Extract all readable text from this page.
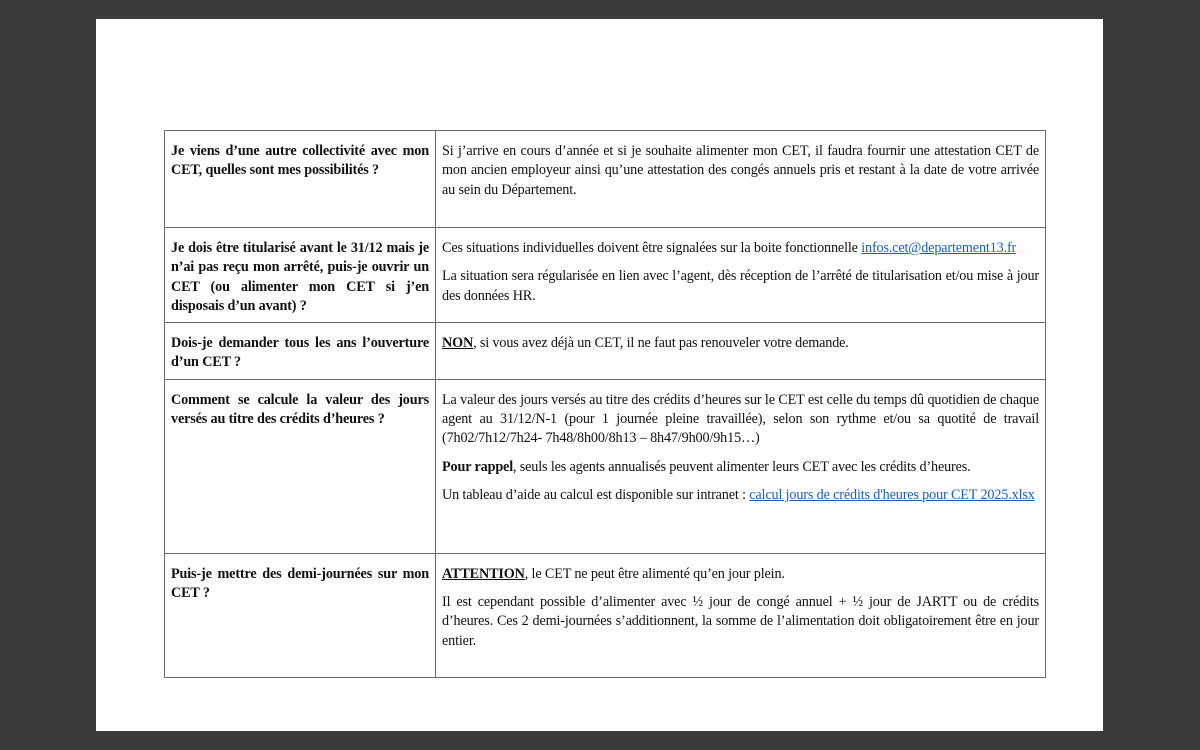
Je viens d’une autre collectivité avec mon CET, quelles sont mes possibilités ?	Si j’arrive en cours d’année et si je souhaite alimenter mon CET, il faudra fournir une attestation CET de mon ancien employeur ainsi qu’une attestation des congés annuels pris et restant à la date de votre arrivée au sein du Département.

Je dois être titularisé avant le 31/12 mais je n’ai pas reçu mon arrêté, puis-je ouvrir un CET (ou alimenter mon CET si j’en disposais d’un avant) ?	Ces situations individuelles doivent être signalées sur la boite fonctionnelle infos.cet@departement13.fr

La situation sera régularisée en lien avec l’agent, dès réception de l’arrêté de titularisation et/ou mise à jour des données HR.

Dois-je demander tous les ans l’ouverture d’un CET ?	NON, si vous avez déjà un CET, il ne faut pas renouveler votre demande.

Comment se calcule la valeur des jours versés au titre des crédits d’heures ?	La valeur des jours versés au titre des crédits d’heures sur le CET est celle du temps dû quotidien de chaque agent au 31/12/N-1 (pour 1 journée pleine travaillée), selon son rythme et/ou sa quotité de travail (7h02/7h12/7h24- 7h48/8h00/8h13 – 8h47/9h00/9h15…)

Pour rappel, seuls les agents annualisés peuvent alimenter leurs CET avec les crédits d’heures.

Un tableau d’aide au calcul est disponible sur intranet : calcul jours de crédits d'heures pour CET 2025.xlsx

Puis-je mettre des demi-journées sur mon CET ?	ATTENTION, le CET ne peut être alimenté qu’en jour plein.

Il est cependant possible d’alimenter avec ½ jour de congé annuel + ½ jour de JARTT ou de crédits d’heures. Ces 2 demi-journées s’additionnent, la somme de l’alimentation doit obligatoirement être en jour entier.
